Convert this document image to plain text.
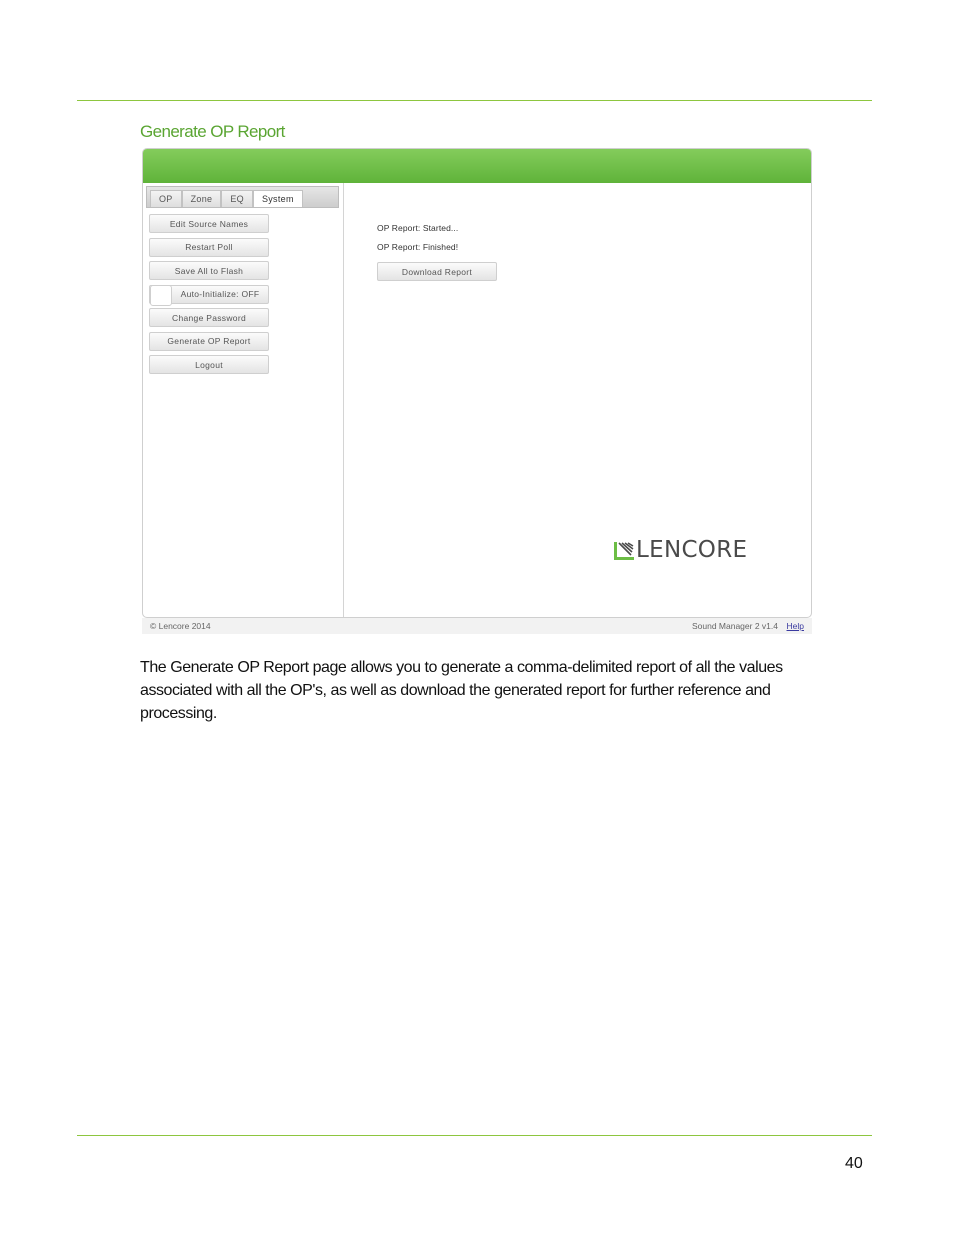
Generate OP Report
OP	Zone	EQ	System
Edit Source Names
Restart Poll
Save All to Flash
Auto-Initialize: OFF
Change Password
Generate OP Report
Logout
OP Report: Started...
OP Report: Finished!
Download Report
LENCORE
© Lencore 2014	Sound Manager 2 v1.4 Help
The Generate OP Report page allows you to generate a comma-delimited report of all the values associated with all the OP's, as well as download the generated report for further reference and processing.
40
